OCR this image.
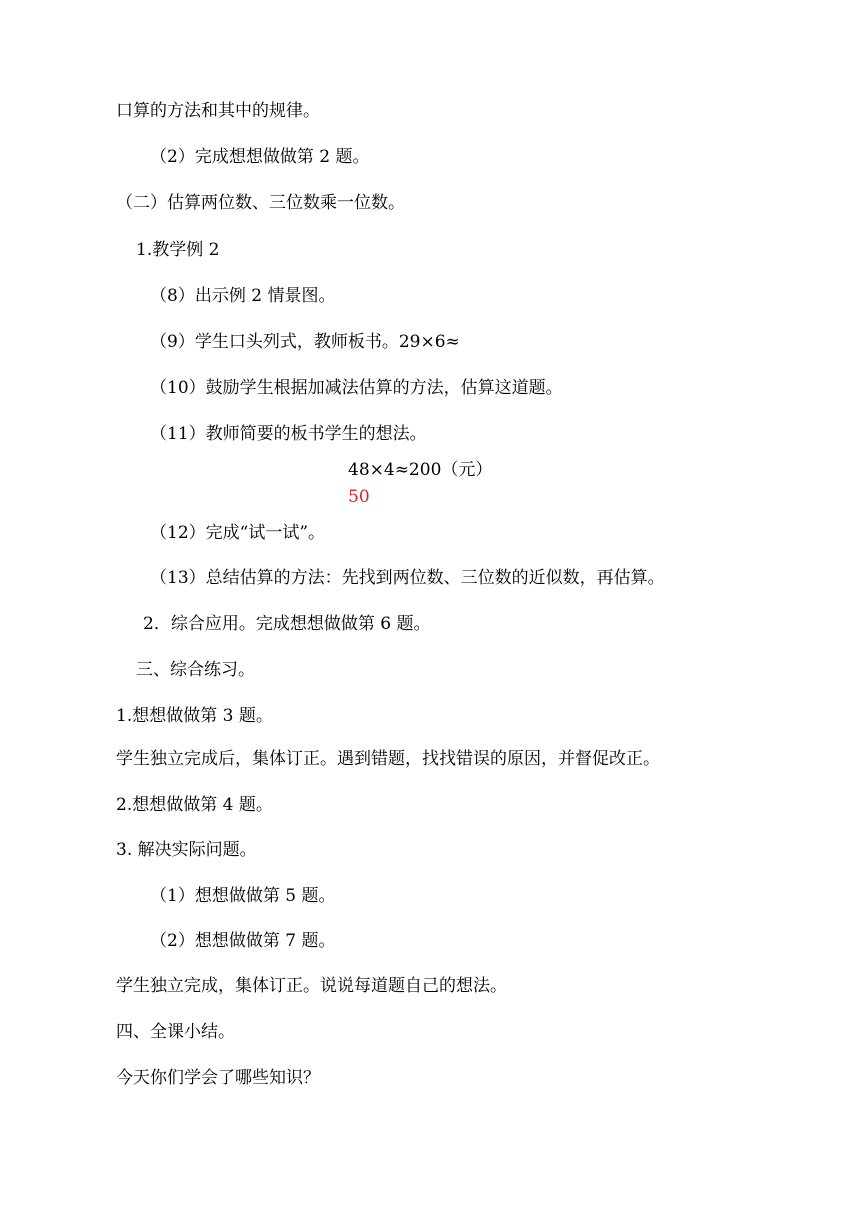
口算的方法和其中的规律。
（2）完成想想做做第 2 题。
（二）估算两位数、三位数乘一位数。
1.教学例 2
（8）出示例 2 情景图。
（9）学生口头列式，教师板书。29×6≈
（10）鼓励学生根据加减法估算的方法，估算这道题。
（11）教师简要的板书学生的想法。
48×4≈200（元）
50
（12）完成“试一试”。
（13）总结估算的方法：先找到两位数、三位数的近似数，再估算。
2．综合应用。完成想想做做第 6 题。
三、综合练习。
1.想想做做第 3 题。
学生独立完成后，集体订正。遇到错题，找找错误的原因，并督促改正。
2.想想做做第 4 题。
3. 解决实际问题。
（1）想想做做第 5 题。
（2）想想做做第 7 题。
学生独立完成，集体订正。说说每道题自己的想法。
四、全课小结。
今天你们学会了哪些知识？
